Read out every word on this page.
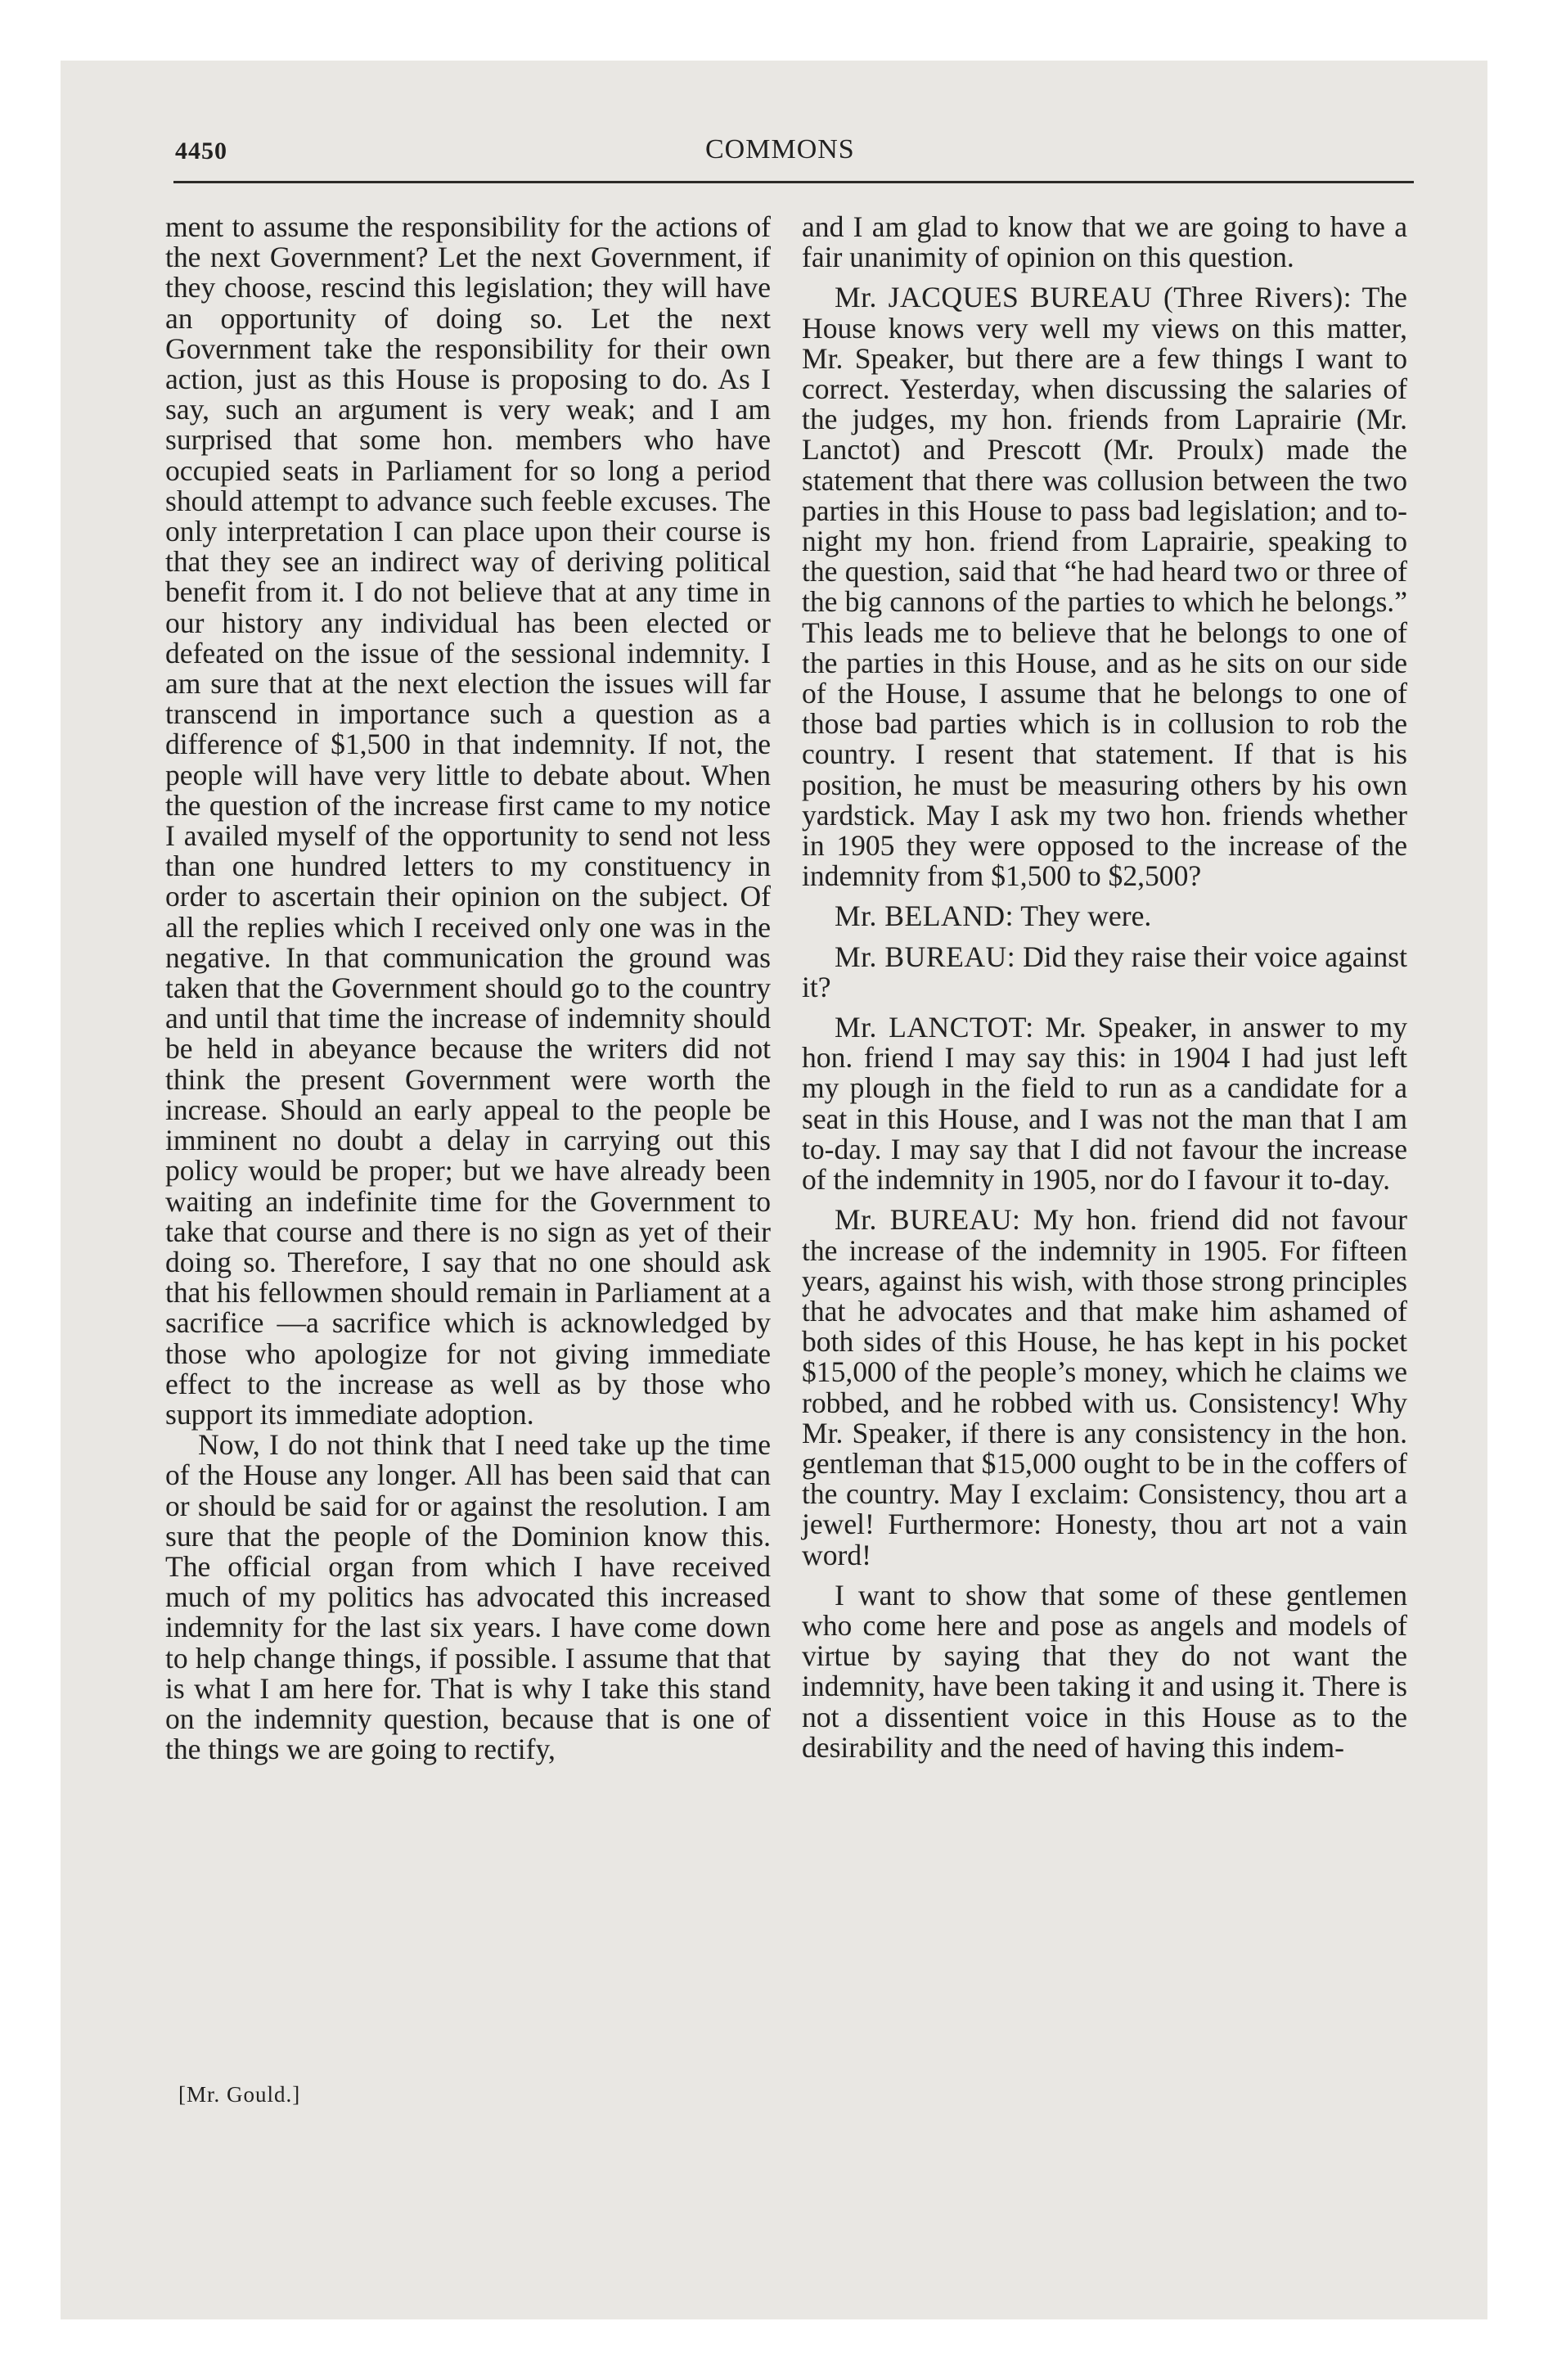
4450	COMMONS

ment to assume the responsibility for the actions of the next Government? Let the next Government, if they choose, rescind this legislation; they will have an opportunity of doing so. Let the next Government take the responsibility for their own action, just as this House is proposing to do. As I say, such an argument is very weak; and I am surprised that some hon. members who have occupied seats in Parliament for so long a period should attempt to advance such feeble excuses. The only interpretation I can place upon their course is that they see an indirect way of deriving political benefit from it. I do not believe that at any time in our history any individual has been elected or defeated on the issue of the sessional indemnity. I am sure that at the next election the issues will far transcend in importance such a question as a difference of $1,500 in that indemnity. If not, the people will have very little to debate about. When the question of the increase first came to my notice I availed myself of the opportunity to send not less than one hundred letters to my constituency in order to ascertain their opinion on the subject. Of all the replies which I received only one was in the negative. In that communication the ground was taken that the Government should go to the country and until that time the increase of indemnity should be held in abeyance because the writers did not think the present Government were worth the increase. Should an early appeal to the people be imminent no doubt a delay in carrying out this policy would be proper; but we have already been waiting an indefinite time for the Government to take that course and there is no sign as yet of their doing so. Therefore, I say that no one should ask that his fellowmen should remain in Parliament at a sacrifice —a sacrifice which is acknowledged by those who apologize for not giving immediate effect to the increase as well as by those who support its immediate adoption.

Now, I do not think that I need take up the time of the House any longer. All has been said that can or should be said for or against the resolution. I am sure that the people of the Dominion know this. The official organ from which I have received much of my politics has advocated this increased indemnity for the last six years. I have come down to help change things, if possible. I assume that that is what I am here for. That is why I take this stand on the indemnity question, because that is one of the things we are going to rectify,

and I am glad to know that we are going to have a fair unanimity of opinion on this question.

Mr. JACQUES BUREAU (Three Rivers): The House knows very well my views on this matter, Mr. Speaker, but there are a few things I want to correct. Yesterday, when discussing the salaries of the judges, my hon. friends from Laprairie (Mr. Lanctot) and Prescott (Mr. Proulx) made the statement that there was collusion between the two parties in this House to pass bad legislation; and to-night my hon. friend from Laprairie, speaking to the question, said that “he had heard two or three of the big cannons of the parties to which he belongs.” This leads me to believe that he belongs to one of the parties in this House, and as he sits on our side of the House, I assume that he belongs to one of those bad parties which is in collusion to rob the country. I resent that statement. If that is his position, he must be measuring others by his own yardstick. May I ask my two hon. friends whether in 1905 they were opposed to the increase of the indemnity from $1,500 to $2,500?

Mr. BELAND: They were.

Mr. BUREAU: Did they raise their voice against it?

Mr. LANCTOT: Mr. Speaker, in answer to my hon. friend I may say this: in 1904 I had just left my plough in the field to run as a candidate for a seat in this House, and I was not the man that I am to-day. I may say that I did not favour the increase of the indemnity in 1905, nor do I favour it to-day.

Mr. BUREAU: My hon. friend did not favour the increase of the indemnity in 1905. For fifteen years, against his wish, with those strong principles that he advocates and that make him ashamed of both sides of this House, he has kept in his pocket $15,000 of the people’s money, which he claims we robbed, and he robbed with us. Consistency! Why Mr. Speaker, if there is any consistency in the hon. gentleman that $15,000 ought to be in the coffers of the country. May I exclaim: Consistency, thou art a jewel! Furthermore: Honesty, thou art not a vain word!

I want to show that some of these gentlemen who come here and pose as angels and models of virtue by saying that they do not want the indemnity, have been taking it and using it. There is not a dissentient voice in this House as to the desirability and the need of having this indem-

[Mr. Gould.]
